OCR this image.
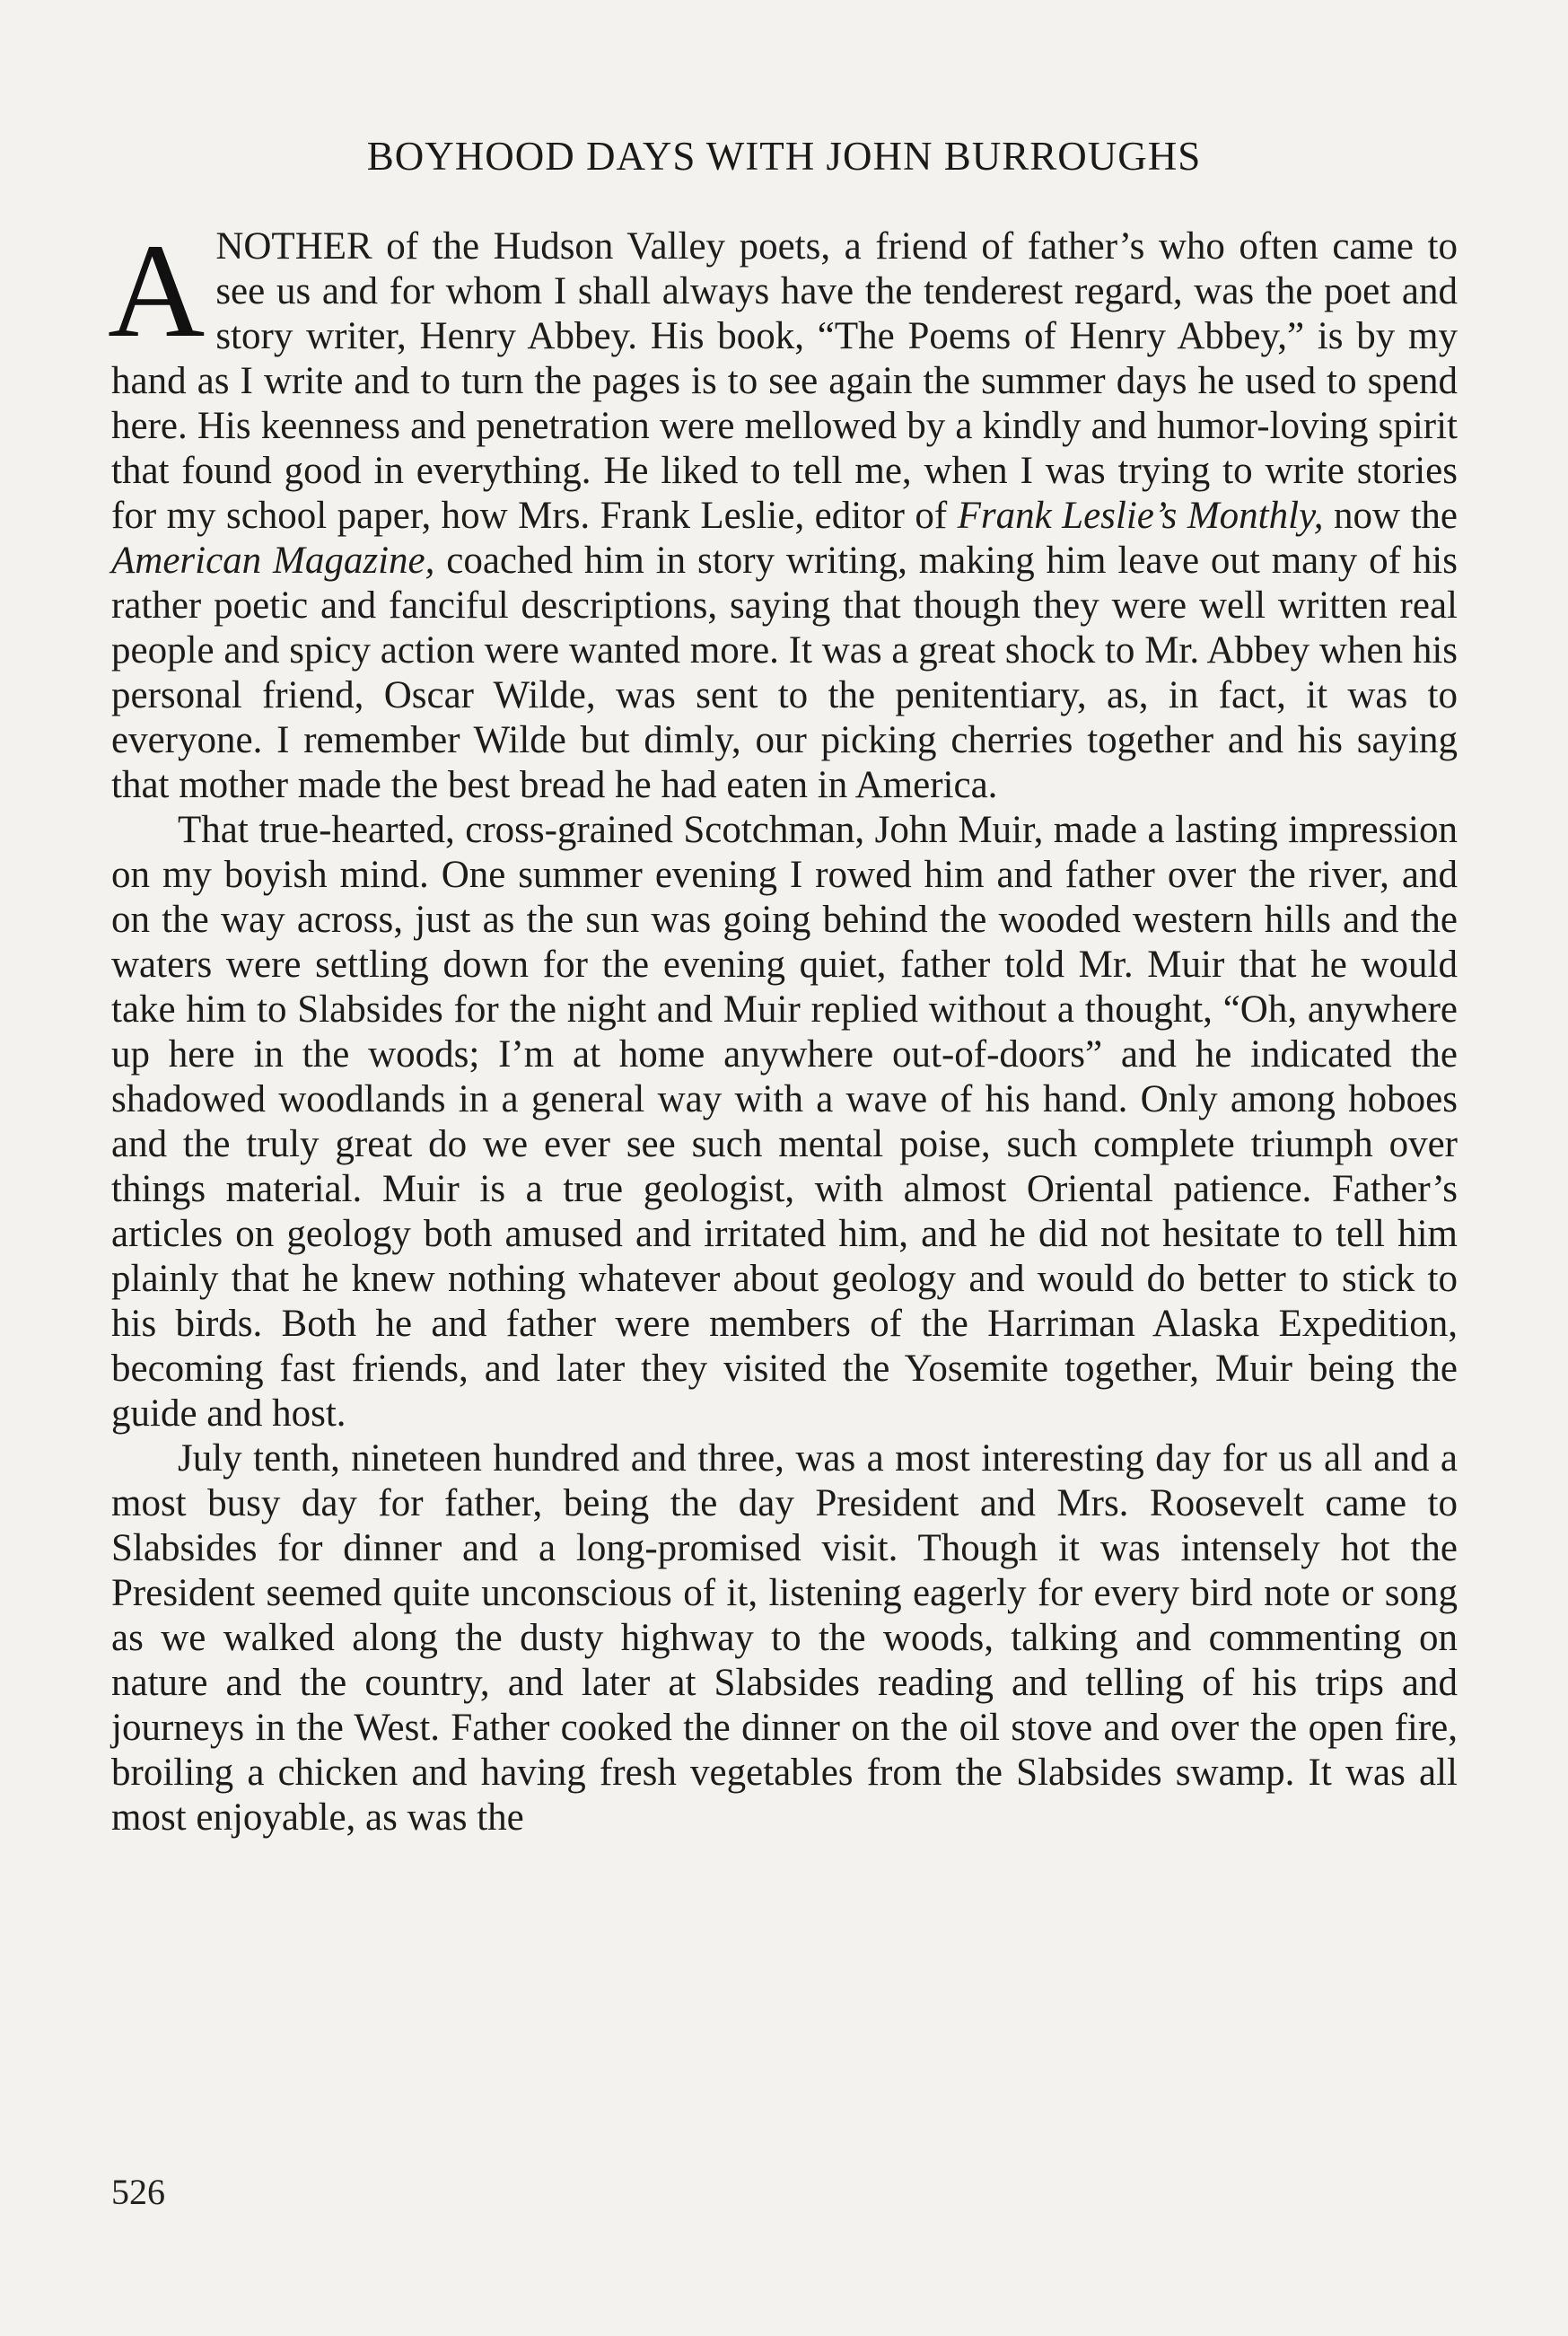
BOYHOOD DAYS WITH JOHN BURROUGHS

ANOTHER of the Hudson Valley poets, a friend of father’s who often came to see us and for whom I shall always have the tenderest regard, was the poet and story writer, Henry Abbey. His book, “The Poems of Henry Abbey,” is by my hand as I write and to turn the pages is to see again the summer days he used to spend here. His keenness and penetration were mellowed by a kindly and humor-loving spirit that found good in everything. He liked to tell me, when I was trying to write stories for my school paper, how Mrs. Frank Leslie, editor of Frank Leslie’s Monthly, now the American Magazine, coached him in story writing, making him leave out many of his rather poetic and fanciful descriptions, saying that though they were well written real people and spicy action were wanted more. It was a great shock to Mr. Abbey when his personal friend, Oscar Wilde, was sent to the penitentiary, as, in fact, it was to everyone. I remember Wilde but dimly, our picking cherries together and his saying that mother made the best bread he had eaten in America.

That true-hearted, cross-grained Scotchman, John Muir, made a lasting impression on my boyish mind. One summer evening I rowed him and father over the river, and on the way across, just as the sun was going behind the wooded western hills and the waters were settling down for the evening quiet, father told Mr. Muir that he would take him to Slabsides for the night and Muir replied without a thought, “Oh, anywhere up here in the woods; I’m at home anywhere out-of-doors” and he indicated the shadowed woodlands in a general way with a wave of his hand. Only among hoboes and the truly great do we ever see such mental poise, such complete triumph over things material. Muir is a true geologist, with almost Oriental patience. Father’s articles on geology both amused and irritated him, and he did not hesitate to tell him plainly that he knew nothing whatever about geology and would do better to stick to his birds. Both he and father were members of the Harriman Alaska Expedition, becoming fast friends, and later they visited the Yosemite together, Muir being the guide and host.

July tenth, nineteen hundred and three, was a most interesting day for us all and a most busy day for father, being the day President and Mrs. Roosevelt came to Slabsides for dinner and a long-promised visit. Though it was intensely hot the President seemed quite unconscious of it, listening eagerly for every bird note or song as we walked along the dusty highway to the woods, talking and commenting on nature and the country, and later at Slabsides reading and telling of his trips and journeys in the West. Father cooked the dinner on the oil stove and over the open fire, broiling a chicken and having fresh vegetables from the Slabsides swamp. It was all most enjoyable, as was the

526
